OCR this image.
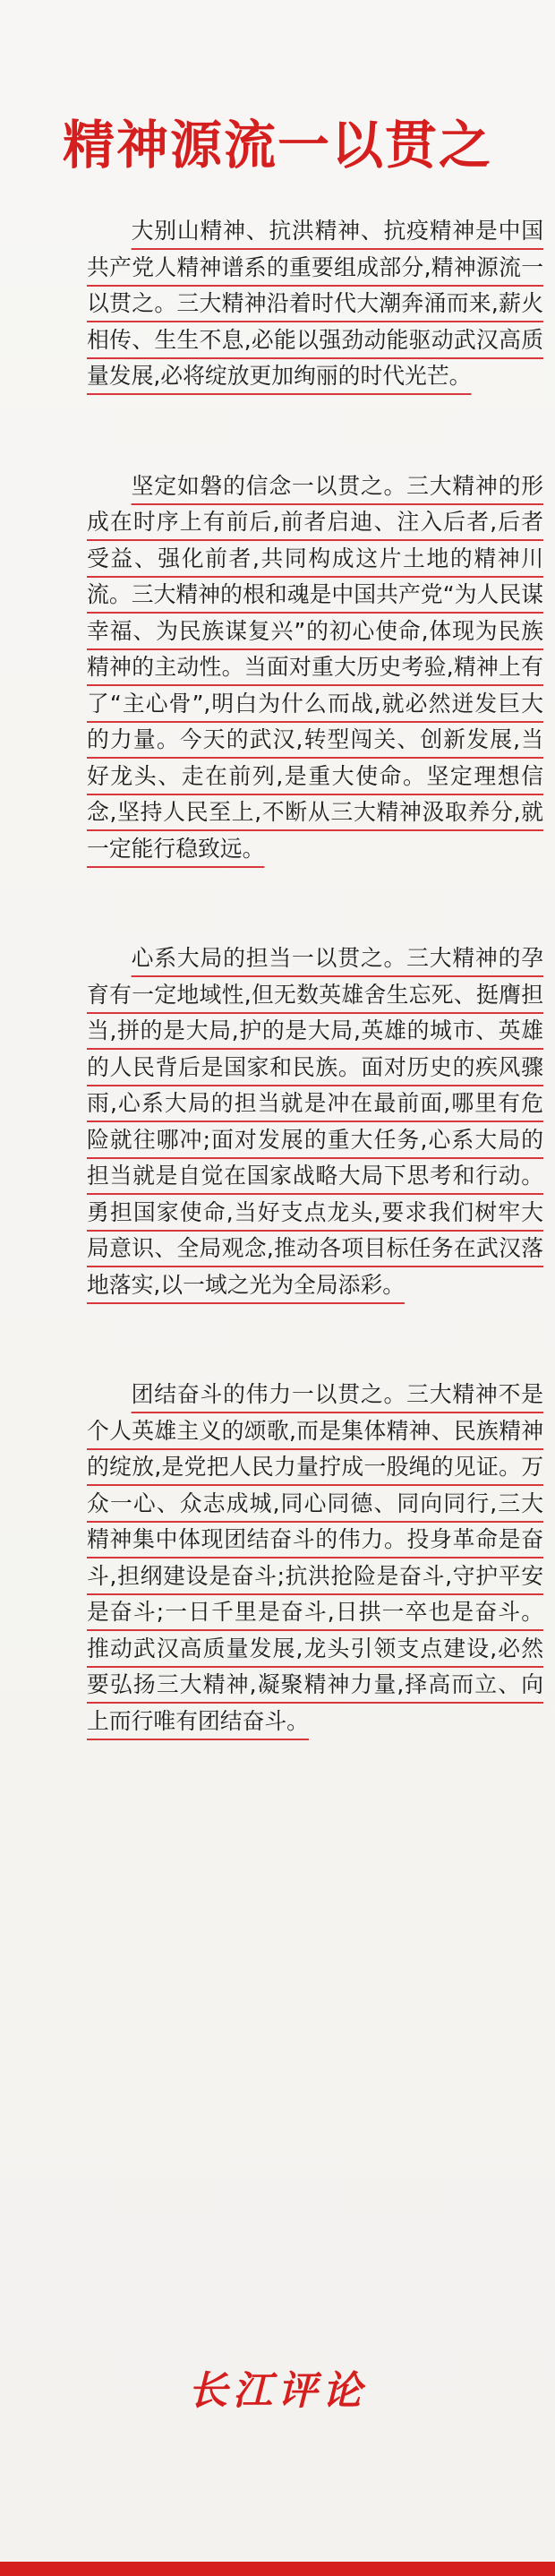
精神源流一以贯之

大别山精神、抗洪精神、抗疫精神是中国共产党人精神谱系的重要组成部分,精神源流一以贯之。三大精神沿着时代大潮奔涌而来,薪火相传、生生不息,必能以强劲动能驱动武汉高质量发展,必将绽放更加绚丽的时代光芒。

坚定如磐的信念一以贯之。三大精神的形成在时序上有前后,前者启迪、注入后者,后者受益、强化前者,共同构成这片土地的精神川流。三大精神的根和魂是中国共产党“为人民谋幸福、为民族谋复兴”的初心使命,体现为民族精神的主动性。当面对重大历史考验,精神上有了“主心骨”,明白为什么而战,就必然迸发巨大的力量。今天的武汉,转型闯关、创新发展,当好龙头、走在前列,是重大使命。坚定理想信念,坚持人民至上,不断从三大精神汲取养分,就一定能行稳致远。

心系大局的担当一以贯之。三大精神的孕育有一定地域性,但无数英雄舍生忘死、挺膺担当,拼的是大局,护的是大局,英雄的城市、英雄的人民背后是国家和民族。面对历史的疾风骤雨,心系大局的担当就是冲在最前面,哪里有危险就往哪冲;面对发展的重大任务,心系大局的担当就是自觉在国家战略大局下思考和行动。勇担国家使命,当好支点龙头,要求我们树牢大局意识、全局观念,推动各项目标任务在武汉落地落实,以一域之光为全局添彩。

团结奋斗的伟力一以贯之。三大精神不是个人英雄主义的颂歌,而是集体精神、民族精神的绽放,是党把人民力量拧成一股绳的见证。万众一心、众志成城,同心同德、同向同行,三大精神集中体现团结奋斗的伟力。投身革命是奋斗,担纲建设是奋斗;抗洪抢险是奋斗,守护平安是奋斗;一日千里是奋斗,日拱一卒也是奋斗。推动武汉高质量发展,龙头引领支点建设,必然要弘扬三大精神,凝聚精神力量,择高而立、向上而行唯有团结奋斗。

长江评论
